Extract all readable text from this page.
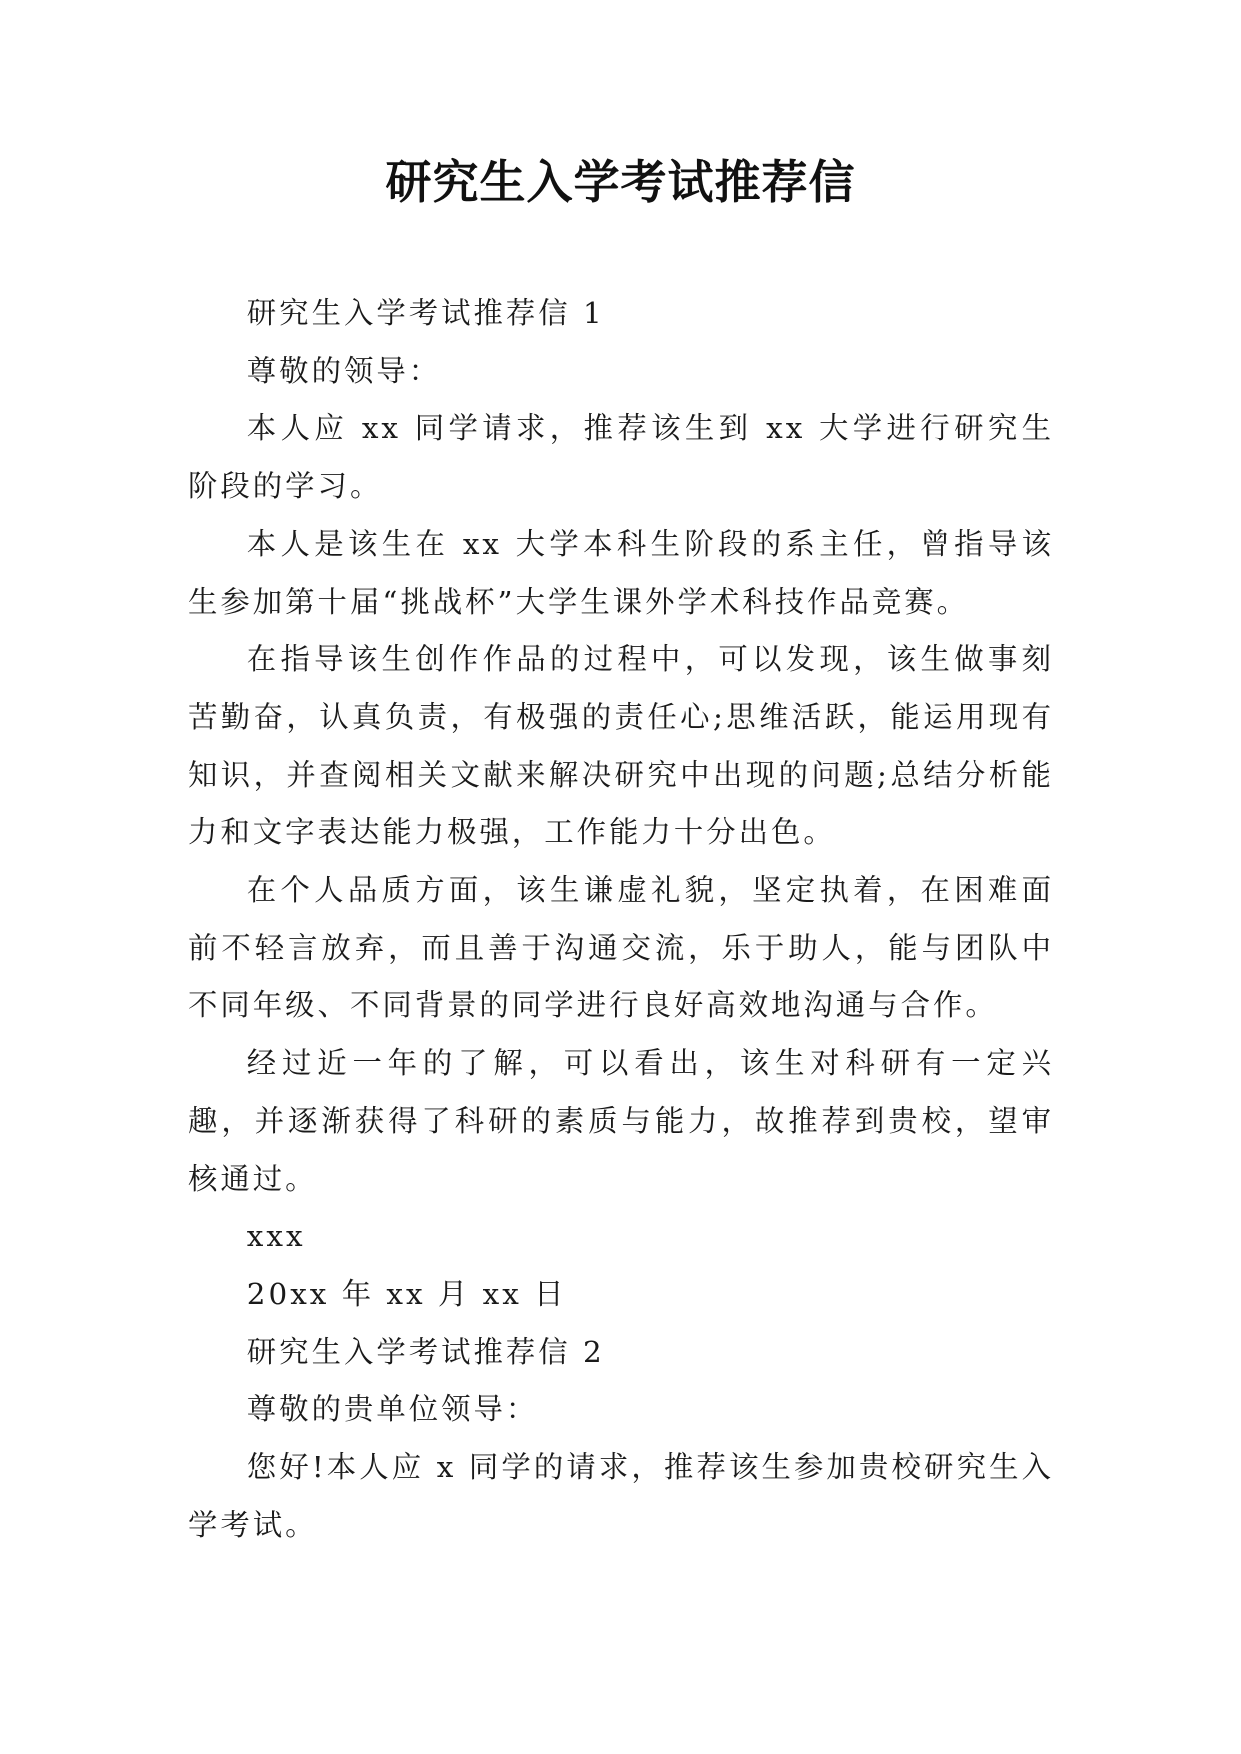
研究生入学考试推荐信

研究生入学考试推荐信 1

尊敬的领导：

本人应 xx 同学请求，推荐该生到 xx 大学进行研究生阶段的学习。

本人是该生在 xx 大学本科生阶段的系主任，曾指导该生参加第十届“挑战杯”大学生课外学术科技作品竞赛。

在指导该生创作作品的过程中，可以发现，该生做事刻苦勤奋，认真负责，有极强的责任心;思维活跃，能运用现有知识，并查阅相关文献来解决研究中出现的问题;总结分析能力和文字表达能力极强，工作能力十分出色。

在个人品质方面，该生谦虚礼貌，坚定执着，在困难面前不轻言放弃，而且善于沟通交流，乐于助人，能与团队中不同年级、不同背景的同学进行良好高效地沟通与合作。

经过近一年的了解，可以看出，该生对科研有一定兴趣，并逐渐获得了科研的素质与能力，故推荐到贵校，望审核通过。

xxx

20xx 年 xx 月 xx 日

研究生入学考试推荐信 2

尊敬的贵单位领导：

您好!本人应 x 同学的请求，推荐该生参加贵校研究生入学考试。
